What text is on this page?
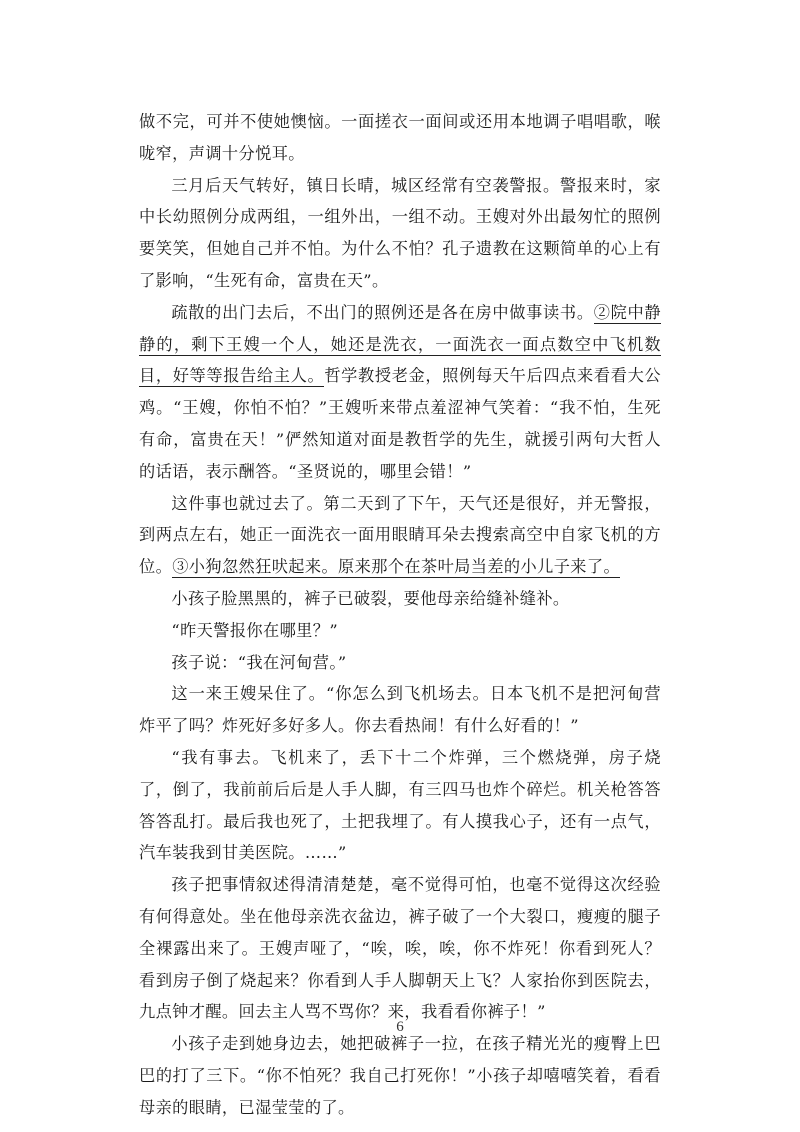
做不完，可并不使她懊恼。一面搓衣一面间或还用本地调子唱唱歌，喉咙窄，声调十分悦耳。

三月后天气转好，镇日长晴，城区经常有空袭警报。警报来时，家中长幼照例分成两组，一组外出，一组不动。王嫂对外出最匆忙的照例要笑笑，但她自己并不怕。为什么不怕？孔子遗教在这颗简单的心上有了影响，“生死有命，富贵在天”。

疏散的出门去后，不出门的照例还是各在房中做事读书。②院中静静的，剩下王嫂一个人，她还是洗衣，一面洗衣一面点数空中飞机数目，好等等报告给主人。哲学教授老金，照例每天午后四点来看看大公鸡。“王嫂，你怕不怕？”王嫂听来带点羞涩神气笑着：“我不怕，生死有命，富贵在天！”俨然知道对面是教哲学的先生，就援引两句大哲人的话语，表示酬答。“圣贤说的，哪里会错！”

这件事也就过去了。第二天到了下午，天气还是很好，并无警报，到两点左右，她正一面洗衣一面用眼睛耳朵去搜索高空中自家飞机的方位。③小狗忽然狂吠起来。原来那个在茶叶局当差的小儿子来了。

小孩子脸黑黑的，裤子已破裂，要他母亲给缝补缝补。

“昨天警报你在哪里？”

孩子说：“我在河甸营。”

这一来王嫂呆住了。“你怎么到飞机场去。日本飞机不是把河甸营炸平了吗？炸死好多好多人。你去看热闹！有什么好看的！”

“我有事去。飞机来了，丢下十二个炸弹，三个燃烧弹，房子烧了，倒了，我前前后后是人手人脚，有三四马也炸个碎烂。机关枪答答答答乱打。最后我也死了，土把我埋了。有人摸我心子，还有一点气，汽车装我到甘美医院。……”

孩子把事情叙述得清清楚楚，毫不觉得可怕，也毫不觉得这次经验有何得意处。坐在他母亲洗衣盆边，裤子破了一个大裂口，瘦瘦的腿子全裸露出来了。王嫂声哑了，“唉，唉，唉，你不炸死！你看到死人？看到房子倒了烧起来？你看到人手人脚朝天上飞？人家抬你到医院去，九点钟才醒。回去主人骂不骂你？来，我看看你裤子！”

小孩子走到她身边去，她把破裤子一拉，在孩子精光光的瘦臀上巴巴的打了三下。“你不怕死？我自己打死你！”小孩子却嘻嘻笑着，看看母亲的眼睛，已湿莹莹的了。

6
